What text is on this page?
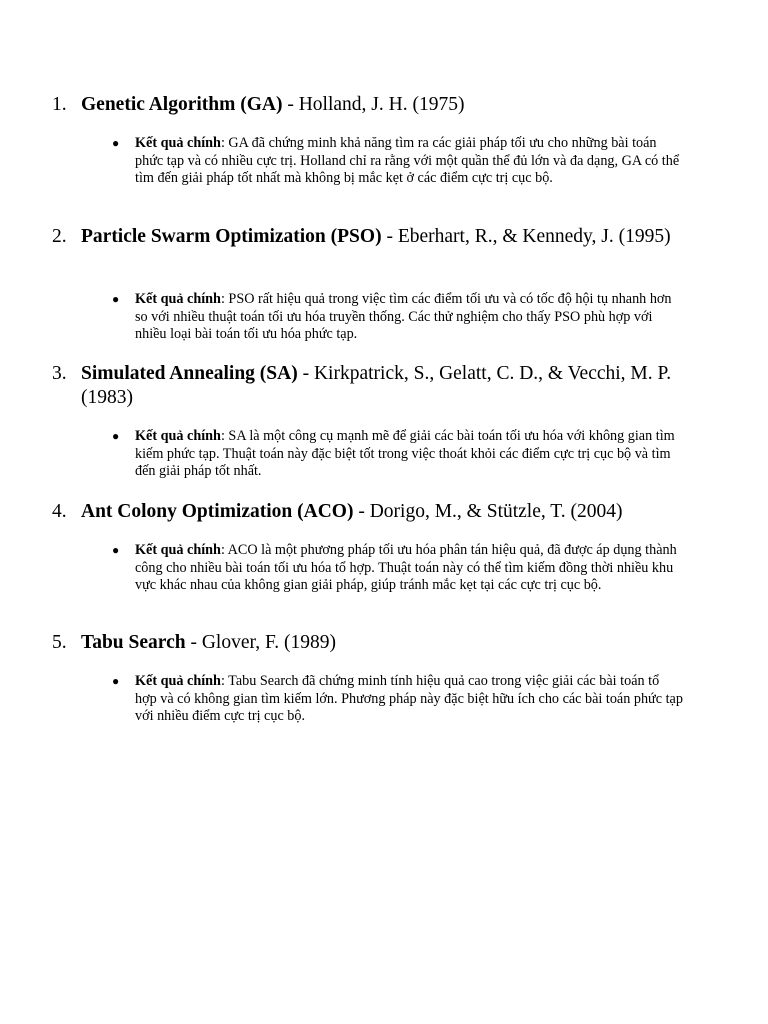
1. Genetic Algorithm (GA) - Holland, J. H. (1975)
● Kết quả chính: GA đã chứng minh khả năng tìm ra các giải pháp tối ưu cho những bài toán phức tạp và có nhiều cực trị. Holland chỉ ra rằng với một quần thể đủ lớn và đa dạng, GA có thể tìm đến giải pháp tốt nhất mà không bị mắc kẹt ở các điểm cực trị cục bộ.
2. Particle Swarm Optimization (PSO) - Eberhart, R., & Kennedy, J. (1995)
● Kết quả chính: PSO rất hiệu quả trong việc tìm các điểm tối ưu và có tốc độ hội tụ nhanh hơn so với nhiều thuật toán tối ưu hóa truyền thống. Các thử nghiệm cho thấy PSO phù hợp với nhiều loại bài toán tối ưu hóa phức tạp.
3. Simulated Annealing (SA) - Kirkpatrick, S., Gelatt, C. D., & Vecchi, M. P. (1983)
● Kết quả chính: SA là một công cụ mạnh mẽ để giải các bài toán tối ưu hóa với không gian tìm kiếm phức tạp. Thuật toán này đặc biệt tốt trong việc thoát khỏi các điểm cực trị cục bộ và tìm đến giải pháp tốt nhất.
4. Ant Colony Optimization (ACO) - Dorigo, M., & Stützle, T. (2004)
● Kết quả chính: ACO là một phương pháp tối ưu hóa phân tán hiệu quả, đã được áp dụng thành công cho nhiều bài toán tối ưu hóa tổ hợp. Thuật toán này có thể tìm kiếm đồng thời nhiều khu vực khác nhau của không gian giải pháp, giúp tránh mắc kẹt tại các cực trị cục bộ.
5. Tabu Search - Glover, F. (1989)
● Kết quả chính: Tabu Search đã chứng minh tính hiệu quả cao trong việc giải các bài toán tổ hợp và có không gian tìm kiếm lớn. Phương pháp này đặc biệt hữu ích cho các bài toán phức tạp với nhiều điểm cực trị cục bộ.
